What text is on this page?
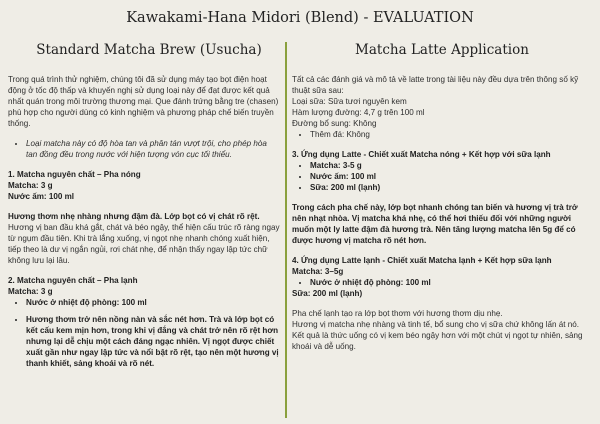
Kawakami-Hana Midori (Blend) - EVALUATION
Standard Matcha Brew (Usucha)

Trong quá trình thử nghiệm, chúng tôi đã sử dụng máy tạo bọt điện hoạt động ở tốc độ thấp và khuyến nghị sử dụng loại này để đạt được kết quả nhất quán trong môi trường thương mại. Que đánh trứng bằng tre (chasen) phù hợp cho người dùng có kinh nghiệm và phương pháp chế biến truyền thống.

• Loại matcha này có độ hòa tan và phân tán vượt trội, cho phép hòa tan đồng đều trong nước với hiện tượng vón cục tối thiểu.

1. Matcha nguyên chất – Pha nóng

Matcha: 3 g

Nước ấm: 100 ml

Hương thơm nhẹ nhàng nhưng đậm đà. Lớp bọt có vị chát rõ rệt.

Hương vị ban đầu khá gắt, chát và béo ngậy, thể hiện cấu trúc rõ ràng ngay từ ngụm đầu tiên. Khi trà lắng xuống, vị ngọt nhẹ nhanh chóng xuất hiện, tiếp theo là dư vị ngắn ngủi, rơi chát nhẹ, để nhận thấy ngay lập tức chữ không lưu lại lâu.

2. Matcha nguyên chất – Pha lạnh

Matcha: 3 g

• Nước ở nhiệt độ phòng: 100 ml
• Hương thơm trở nên nồng nàn và sắc nét hơn. Trà và lớp bọt có kết cấu kem mịn hơn, trong khi vị đắng và chát trở nên rõ rệt hơn nhưng lại dễ chịu một cách đáng ngạc nhiên. Vị ngọt được chiết xuất gần như ngay lập tức và nổi bật rõ rệt, tạo nên một hương vị thanh khiết, sảng khoái và rõ nét.
Matcha Latte Application

Tất cả các đánh giá và mô tả về latte trong tài liệu này đều dựa trên thông số kỹ thuật sữa sau:

Loại sữa: Sữa tươi nguyên kem

Hàm lượng đường: 4,7 g trên 100 ml

Đường bổ sung: Không

• Thêm đá: Không

3. Ứng dụng Latte - Chiết xuất Matcha nóng + Kết hợp với sữa lạnh

• Matcha: 3-5 g
• Nước ấm: 100 ml
• Sữa: 200 ml (lạnh)

Trong cách pha chế này, lớp bọt nhanh chóng tan biến và hương vị trà trở nên nhạt nhòa. Vị matcha khá nhẹ, có thể hơi thiếu đối với những người muốn một ly latte đậm đà hương trà. Nên tăng lượng matcha lên 5g để có được hương vị matcha rõ nét hơn.

4. Ứng dụng Latte lạnh - Chiết xuất Matcha lạnh + Kết hợp sữa lạnh

Matcha: 3–5g

• Nước ở nhiệt độ phòng: 100 ml

Sữa: 200 ml (lạnh)

Pha chế lạnh tạo ra lớp bọt thơm với hương thơm dịu nhẹ.

Hương vị matcha nhẹ nhàng và tinh tế, bổ sung cho vị sữa chứ không lấn át nó. Kết quả là thức uống có vị kem béo ngậy hơn với một chút vị ngọt tự nhiên, sảng khoái và dễ uống.
